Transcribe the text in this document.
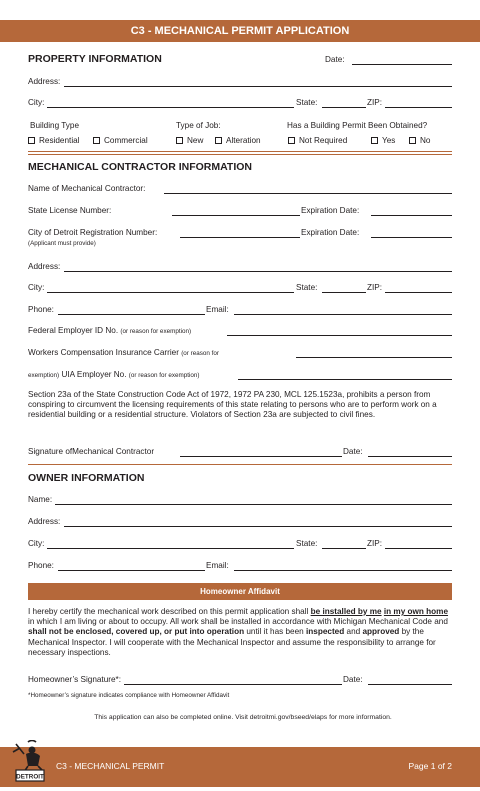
C3 - MECHANICAL PERMIT APPLICATION
PROPERTY INFORMATION	Date:
Address:
City:	State:	ZIP:
Building Type
Residential	Commercial
Type of Job:
New	Alteration
Has a Building Permit Been Obtained?
Not Required	Yes	No
MECHANICAL CONTRACTOR INFORMATION
Name of Mechanical Contractor:
State License Number:	Expiration Date:
City of Detroit Registration Number:	Expiration Date:
(Applicant must provide)
Address:
City:	State:	ZIP:
Phone:	Email:
Federal Employer ID No. (or reason for exemption)
Workers Compensation Insurance Carrier (or reason for
exemption) UIA Employer No. (or reason for exemption)
Section 23a of the State Construction Code Act of 1972, 1972 PA 230, MCL 125.1523a, prohibits a person from conspiring to circumvent the licensing requirements of this state relating to persons who are to perform work on a residential building or a residential structure. Violators of Section 23a are subjected to civil fines.
Signature ofMechanical Contractor	Date:
OWNER INFORMATION
Name:
Address:
City:	State:	ZIP:
Phone:	Email:
Homeowner Affidavit
I hereby certify the mechanical work described on this permit application shall be installed by me in my own home in which I am living or about to occupy. All work shall be installed in accordance with Michigan Mechanical Code and shall not be enclosed, covered up, or put into operation until it has been inspected and approved by the Mechanical Inspector. I will cooperate with the Mechanical Inspector and assume the responsibility to arrange for necessary inspections.
Homeowner’s Signature*:	Date:
*Homeowner’s signature indicates compliance with Homeowner Affidavit
This application can also be completed online. Visit detroitmi.gov/bseed/elaps for more information.
C3 - MECHANICAL PERMIT	Page 1 of 2
DETROIT
